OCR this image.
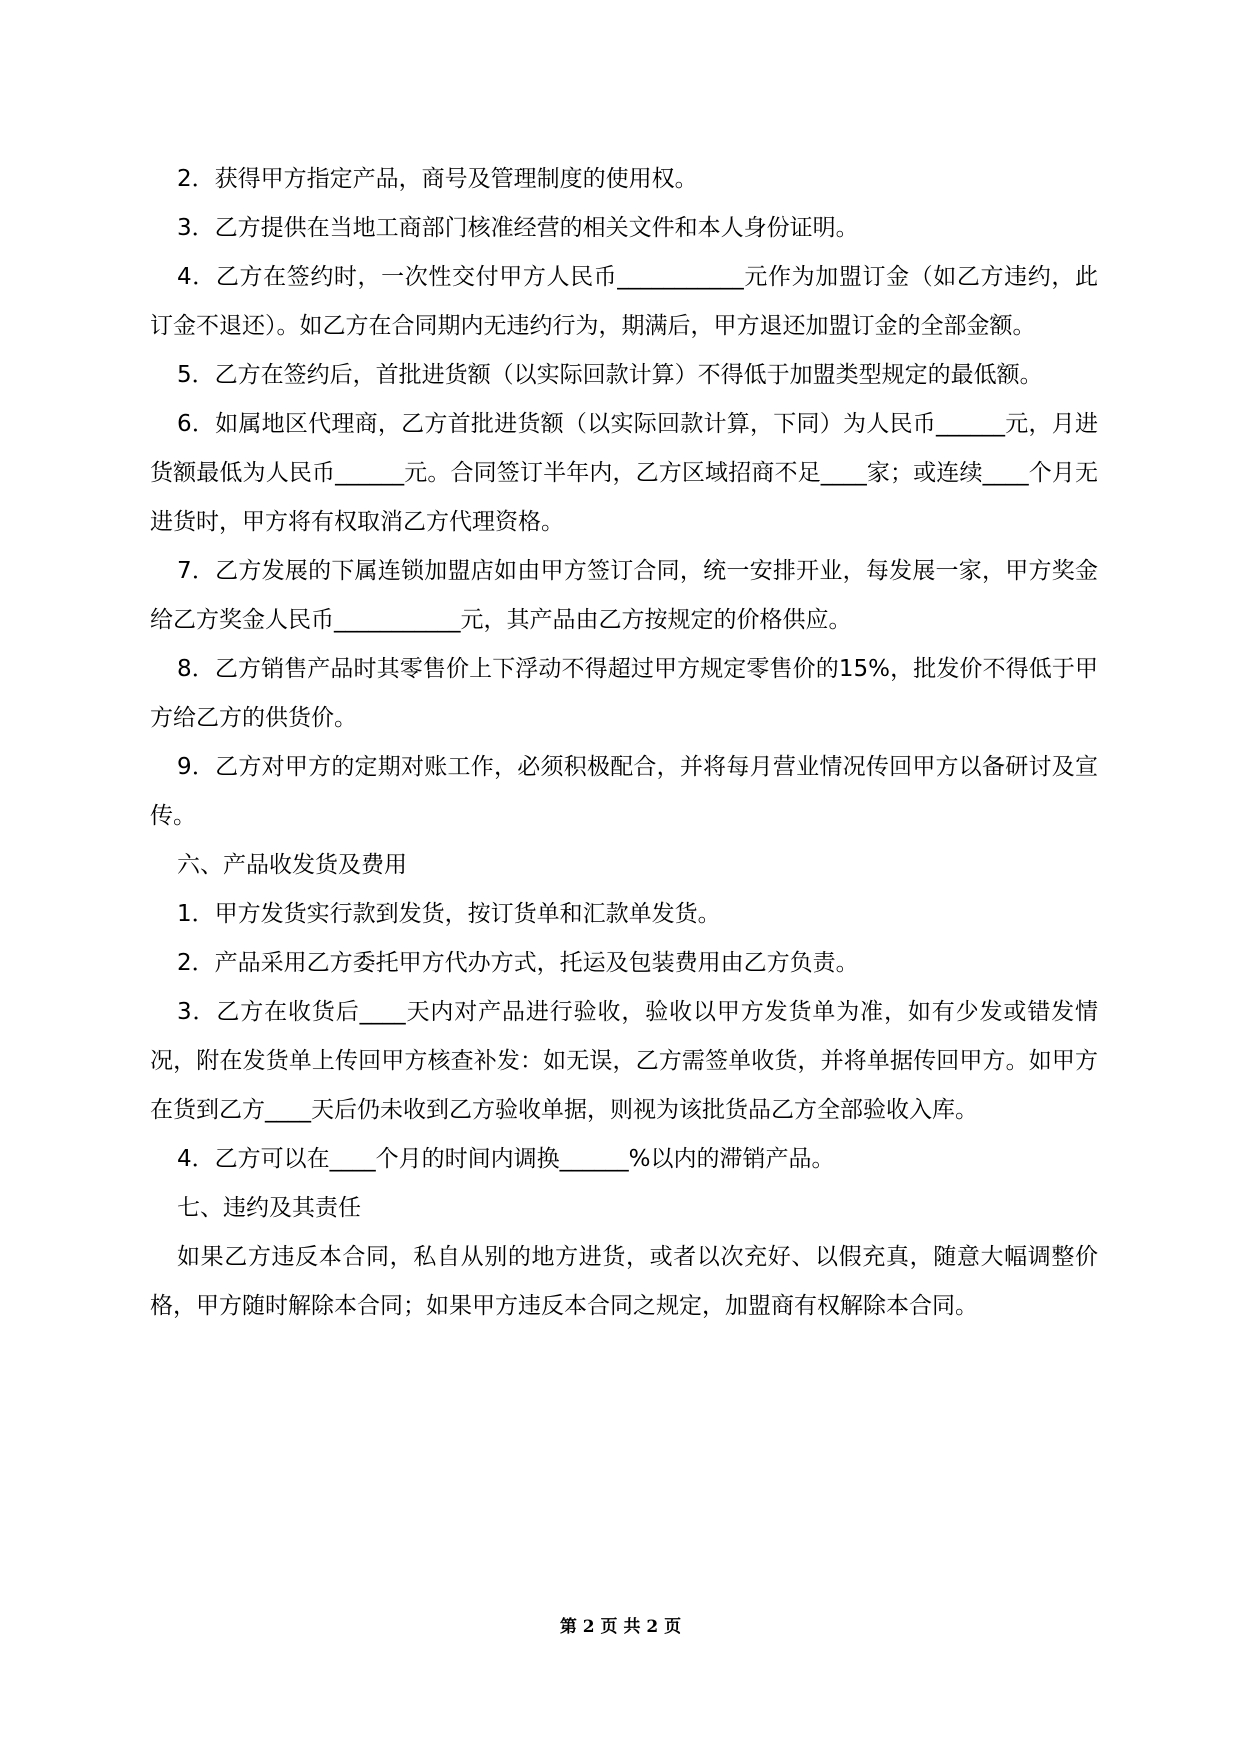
2．获得甲方指定产品，商号及管理制度的使用权。

3．乙方提供在当地工商部门核准经营的相关文件和本人身份证明。

4．乙方在签约时，一次性交付甲方人民币___________元作为加盟订金（如乙方违约，此订金不退还）。如乙方在合同期内无违约行为，期满后，甲方退还加盟订金的全部金额。

5．乙方在签约后，首批进货额（以实际回款计算）不得低于加盟类型规定的最低额。

6．如属地区代理商，乙方首批进货额（以实际回款计算，下同）为人民币______元，月进货额最低为人民币______元。合同签订半年内，乙方区域招商不足____家；或连续____个月无进货时，甲方将有权取消乙方代理资格。

7．乙方发展的下属连锁加盟店如由甲方签订合同，统一安排开业，每发展一家，甲方奖金给乙方奖金人民币___________元，其产品由乙方按规定的价格供应。

8．乙方销售产品时其零售价上下浮动不得超过甲方规定零售价的15%，批发价不得低于甲方给乙方的供货价。

9．乙方对甲方的定期对账工作，必须积极配合，并将每月营业情况传回甲方以备研讨及宣传。

六、产品收发货及费用

1．甲方发货实行款到发货，按订货单和汇款单发货。

2．产品采用乙方委托甲方代办方式，托运及包装费用由乙方负责。

3．乙方在收货后____天内对产品进行验收，验收以甲方发货单为准，如有少发或错发情况，附在发货单上传回甲方核查补发：如无误，乙方需签单收货，并将单据传回甲方。如甲方在货到乙方____天后仍未收到乙方验收单据，则视为该批货品乙方全部验收入库。

4．乙方可以在____个月的时间内调换______%以内的滞销产品。

七、违约及其责任

如果乙方违反本合同，私自从别的地方进货，或者以次充好、以假充真，随意大幅调整价格，甲方随时解除本合同；如果甲方违反本合同之规定，加盟商有权解除本合同。

第 2 页 共 2 页
